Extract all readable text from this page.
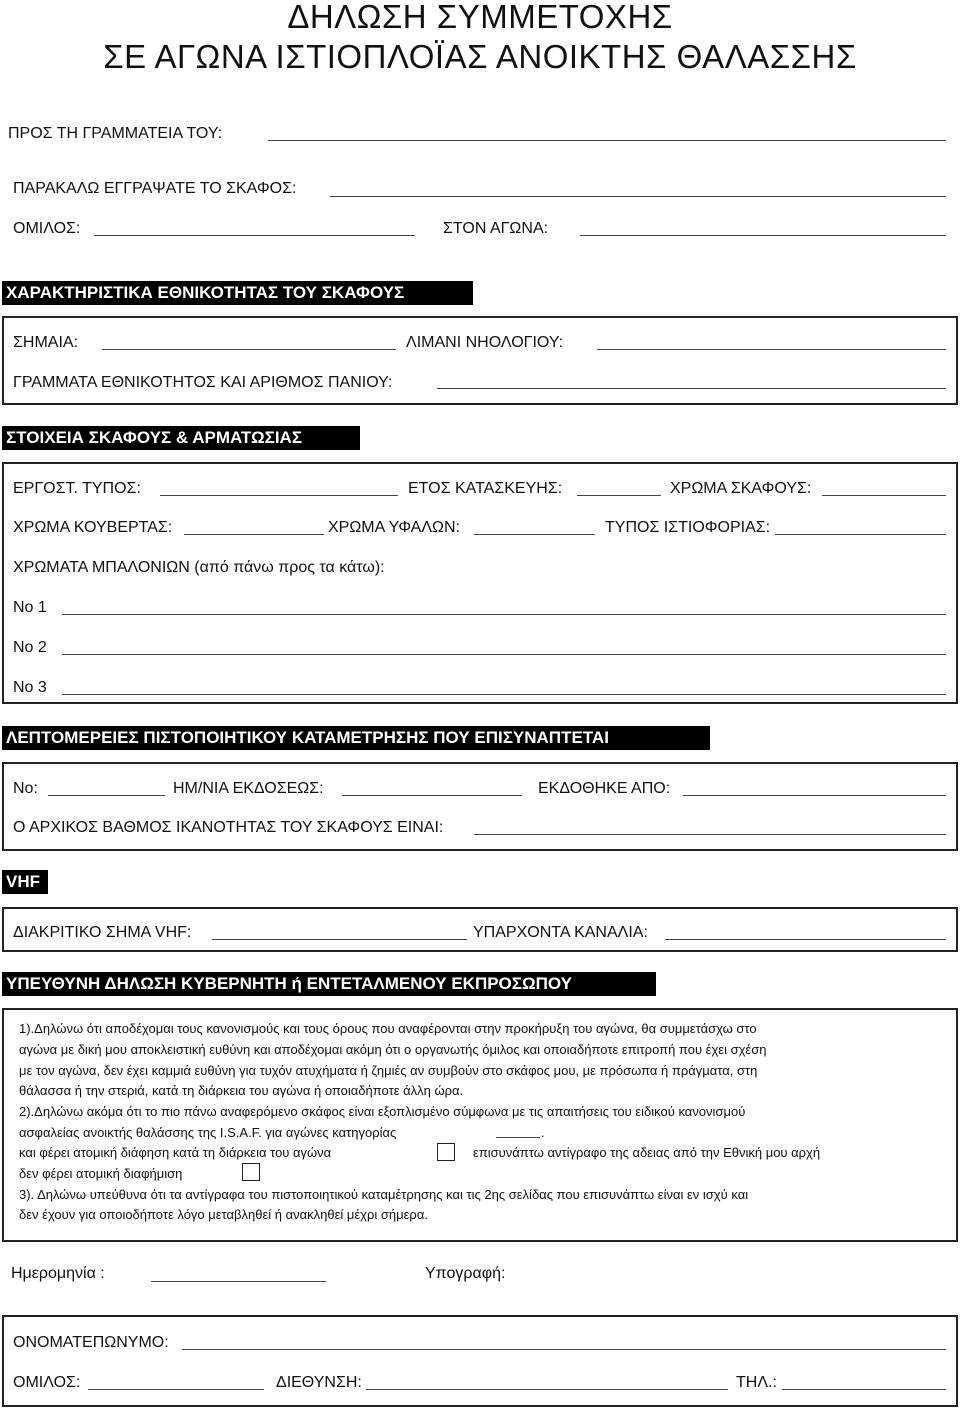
ΔΗΛΩΣΗ ΣΥΜΜΕΤΟΧΗΣ
ΣΕ ΑΓΩΝΑ ΙΣΤΙΟΠΛΟΪΑΣ ΑΝΟΙΚΤΗΣ ΘΑΛΑΣΣΗΣ
ΠΡΟΣ ΤΗ ΓΡΑΜΜΑΤΕΙΑ ΤΟΥ:
ΠΑΡΑΚΑΛΩ ΕΓΓΡΑΨΑΤΕ ΤΟ ΣΚΑΦΟΣ:
ΟΜΙΛΟΣ:	ΣΤΟΝ ΑΓΩΝΑ:
ΧΑΡΑΚΤΗΡΙΣΤΙΚΑ ΕΘΝΙΚΟΤΗΤΑΣ ΤΟΥ ΣΚΑΦΟΥΣ
ΣΗΜΑΙΑ:	ΛΙΜΑΝΙ ΝΗΟΛΟΓΙΟΥ:
ΓΡΑΜΜΑΤΑ ΕΘΝΙΚΟΤΗΤΟΣ ΚΑΙ ΑΡΙΘΜΟΣ ΠΑΝΙΟΥ:
ΣΤΟΙΧΕΙΑ ΣΚΑΦΟΥΣ & ΑΡΜΑΤΩΣΙΑΣ
ΕΡΓΟΣΤ. ΤΥΠΟΣ:	ΕΤΟΣ ΚΑΤΑΣΚΕΥΗΣ:	ΧΡΩΜΑ ΣΚΑΦΟΥΣ:
ΧΡΩΜΑ ΚΟΥΒΕΡΤΑΣ:	ΧΡΩΜΑ ΥΦΑΛΩΝ:	ΤΥΠΟΣ ΙΣΤΙΟΦΟΡΙΑΣ:
ΧΡΩΜΑΤΑ ΜΠΑΛΟΝΙΩΝ (από πάνω προς τα κάτω):
Νο 1
Νο 2
Νο 3
ΛΕΠΤΟΜΕΡΕΙΕΣ ΠΙΣΤΟΠΟΙΗΤΙΚΟΥ ΚΑΤΑΜΕΤΡΗΣΗΣ ΠΟΥ ΕΠΙΣΥΝΑΠΤΕΤΑΙ
Νο:	ΗΜ/ΝΙΑ ΕΚΔΟΣΕΩΣ:	ΕΚΔΟΘΗΚΕ ΑΠΟ:
Ο ΑΡΧΙΚΟΣ ΒΑΘΜΟΣ ΙΚΑΝΟΤΗΤΑΣ ΤΟΥ ΣΚΑΦΟΥΣ ΕΙΝΑΙ:
VHF
ΔΙΑΚΡΙΤΙΚΟ ΣΗΜΑ VHF:	ΥΠΑΡΧΟΝΤΑ ΚΑΝΑΛΙΑ:
ΥΠΕΥΘΥΝΗ ΔΗΛΩΣΗ ΚΥΒΕΡΝΗΤΗ ή ΕΝΤΕΤΑΛΜΕΝΟΥ ΕΚΠΡΟΣΩΠΟΥ
1).Δηλώνω ότι αποδέχομαι τους κανονισμούς και τους όρους που αναφέρονται στην προκήρυξη του αγώνα, θα συμμετάσχω στο
αγώνα με δική μου αποκλειστική ευθύνη και αποδέχομαι ακόμη ότι ο οργανωτής όμιλος και οποιαδήποτε επιτροπή που έχει σχέση
με τον αγώνα, δεν έχει καμμιά ευθύνη για τυχόν ατυχήματα ή ζημιές αν συμβούν στο σκάφος μου, με πρόσωπα ή πράγματα, στη
θάλασσα ή την στεριά, κατά τη διάρκεια του αγώνα ή οποιαδήποτε άλλη ώρα.
2).Δηλώνω ακόμα ότι το πιο πάνω αναφερόμενο σκάφος είναι εξοπλισμένο σύμφωνα με τις απαιτήσεις του ειδικού κανονισμού
ασφαλείας ανοικτής θαλάσσης της I.S.A.F. για αγώνες κατηγορίας	.
και φέρει ατομική διάφηση κατά τη διάρκεια του αγώνα	επισυνάπτω αντίγραφο της αδειας από την Εθνική μου αρχή
δεν φέρει ατομική διαφήμιση
3). Δηλώνω υπεύθυνα ότι τα αντίγραφα του πιστοποιητικού καταμέτρησης και τις 2ης σελίδας που επισυνάπτω είναι εν ισχύ και
δεν έχουν για οποιοδήποτε λόγο μεταβληθεί ή ανακληθεί μέχρι σήμερα.
Ημερομηνία :	Υπογραφή:
ΟΝΟΜΑΤΕΠΩΝΥΜΟ:
ΟΜΙΛΟΣ:	ΔΙΕΘΥΝΣΗ:	ΤΗΛ.:
